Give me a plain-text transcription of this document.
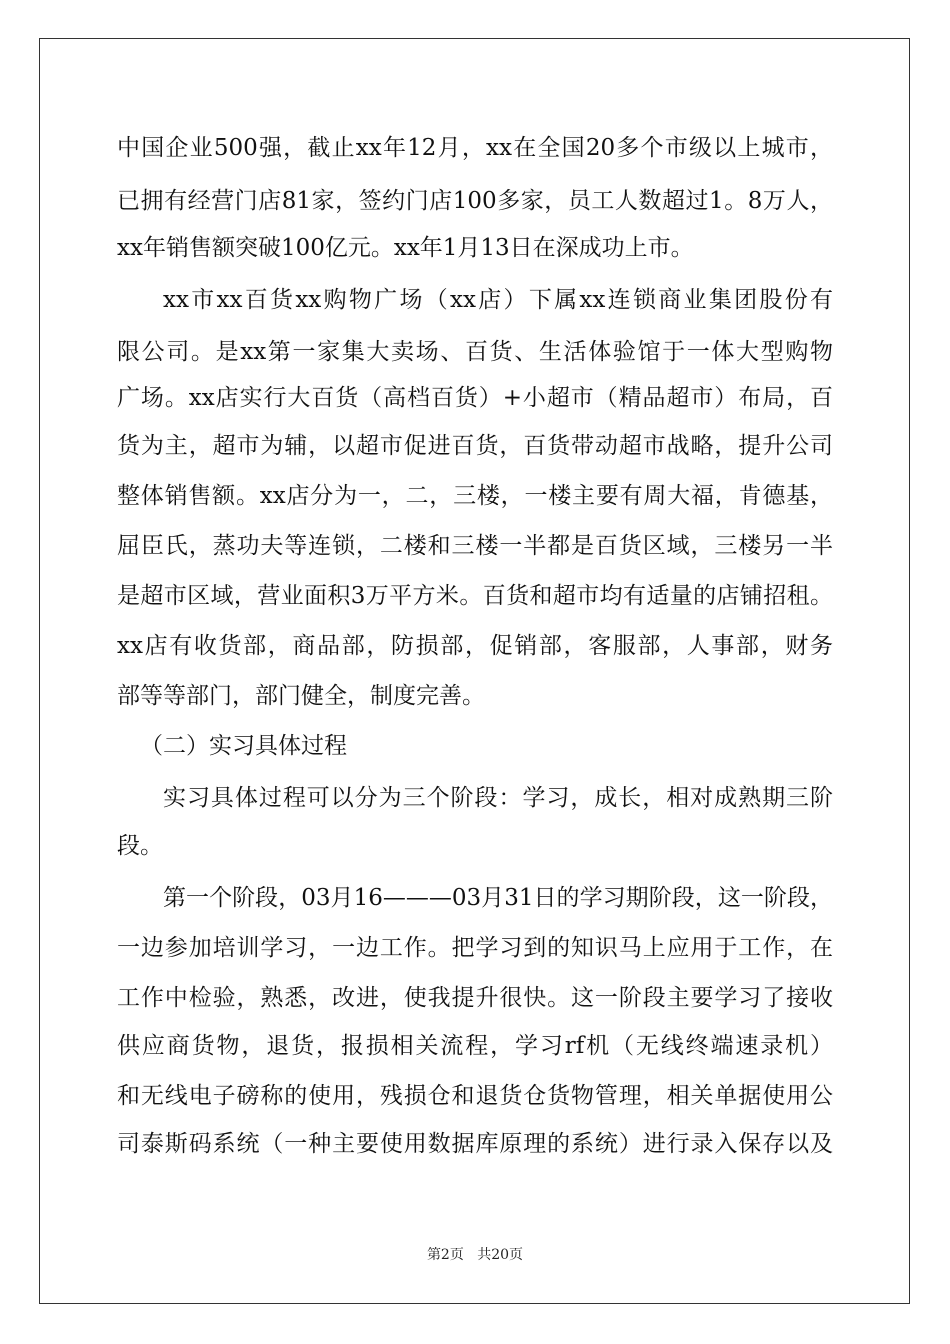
中国企业500强，截止xx年12月，xx在全国20多个市级以上城市，
已拥有经营门店81家，签约门店100多家，员工人数超过1。8万人，
xx年销售额突破100亿元。xx年1月13日在深成功上市。
xx市xx百货xx购物广场（xx店）下属xx连锁商业集团股份有
限公司。是xx第一家集大卖场、百货、生活体验馆于一体大型购物
广场。xx店实行大百货（高档百货）+小超市（精品超市）布局，百
货为主，超市为辅，以超市促进百货，百货带动超市战略，提升公司
整体销售额。xx店分为一，二，三楼，一楼主要有周大福，肯德基，
屈臣氏，蒸功夫等连锁，二楼和三楼一半都是百货区域，三楼另一半
是超市区域，营业面积3万平方米。百货和超市均有适量的店铺招租。
xx店有收货部，商品部，防损部，促销部，客服部，人事部，财务
部等等部门，部门健全，制度完善。
（二）实习具体过程
实习具体过程可以分为三个阶段：学习，成长，相对成熟期三阶
段。
第一个阶段，03月16———03月31日的学习期阶段，这一阶段，
一边参加培训学习，一边工作。把学习到的知识马上应用于工作，在
工作中检验，熟悉，改进，使我提升很快。这一阶段主要学习了接收
供应商货物，退货，报损相关流程，学习rf机（无线终端速录机）
和无线电子磅称的使用，残损仓和退货仓货物管理，相关单据使用公
司泰斯码系统（一种主要使用数据库原理的系统）进行录入保存以及
第2页 共20页
